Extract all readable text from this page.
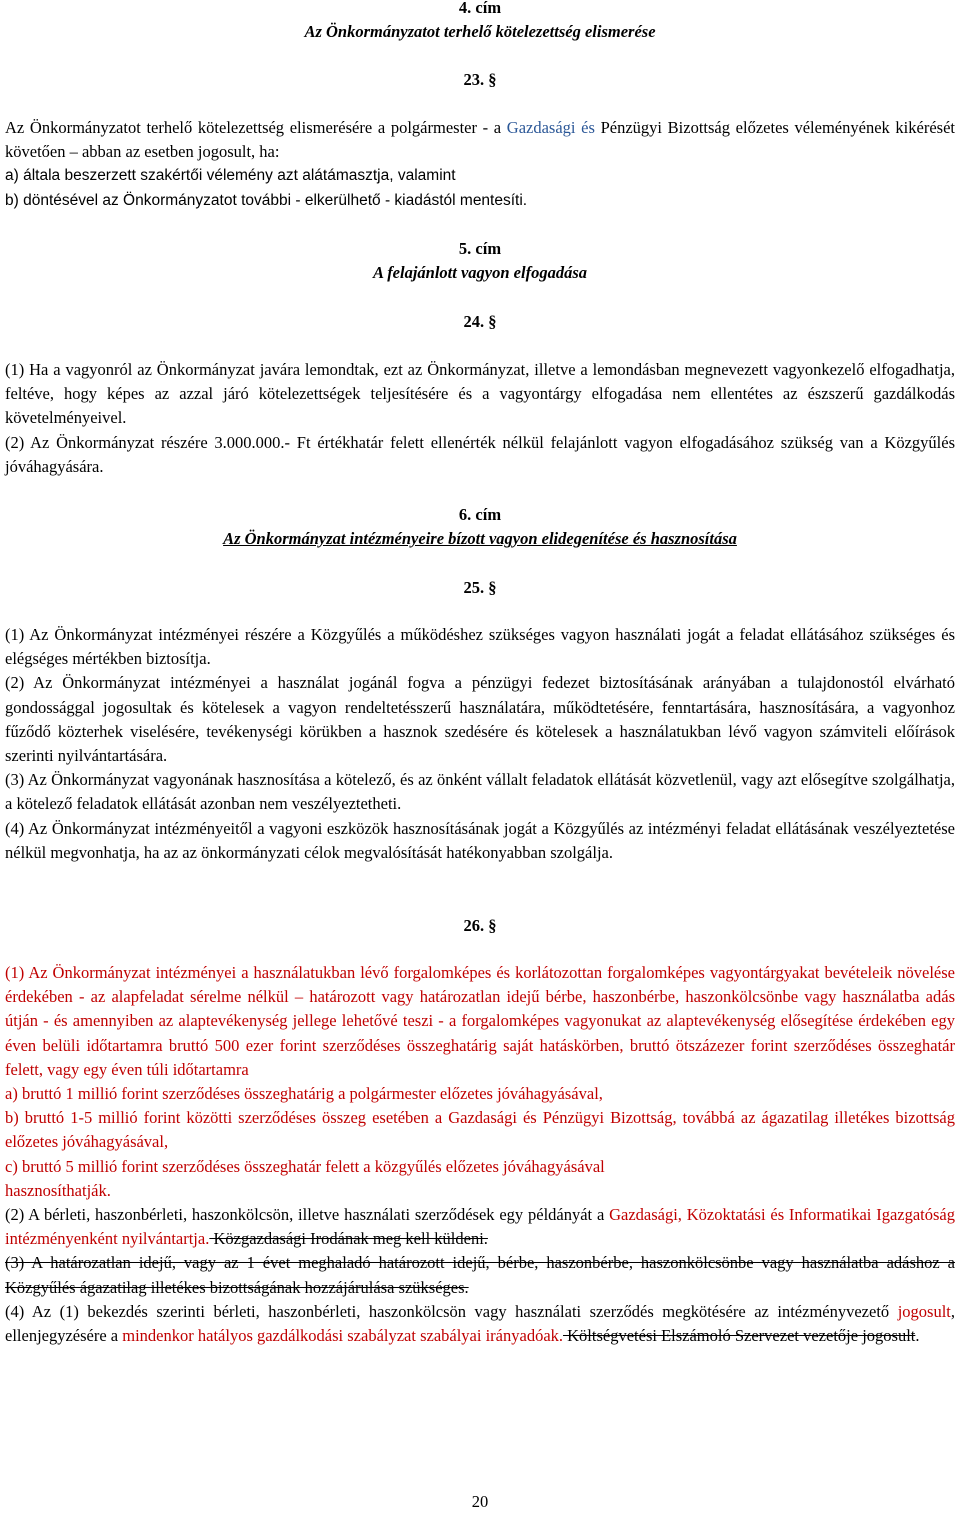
4. cím
Az Önkormányzatot terhelő kötelezettség elismerése
23. §

Az Önkormányzatot terhelő kötelezettség elismerésére a polgármester - a Gazdasági és Pénzügyi Bizottság előzetes véleményének kikérését követően – abban az esetben jogosult, ha:

a) általa beszerzett szakértői vélemény azt alátámasztja, valamint

b) döntésével az Önkormányzatot további - elkerülhető - kiadástól mentesíti.

5. cím
A felajánlott vagyon elfogadása
24. §

(1) Ha a vagyonról az Önkormányzat javára lemondtak, ezt az Önkormányzat, illetve a lemondásban megnevezett vagyonkezelő elfogadhatja, feltéve, hogy képes az azzal járó kötelezettségek teljesítésére és a vagyontárgy elfogadása nem ellentétes az észszerű gazdálkodás követelményeivel.

(2) Az Önkormányzat részére 3.000.000.- Ft értékhatár felett ellenérték nélkül felajánlott vagyon elfogadásához szükség van a Közgyűlés jóváhagyására.

6. cím
Az Önkormányzat intézményeire bízott vagyon elidegenítése és hasznosítása
25. §

(1) Az Önkormányzat intézményei részére a Közgyűlés a működéshez szükséges vagyon használati jogát a feladat ellátásához szükséges és elégséges mértékben biztosítja.

(2) Az Önkormányzat intézményei a használat jogánál fogva a pénzügyi fedezet biztosításának arányában a tulajdonostól elvárható gondossággal jogosultak és kötelesek a vagyon rendeltetésszerű használatára, működtetésére, fenntartására, hasznosítására, a vagyonhoz fűződő közterhek viselésére, tevékenységi körükben a hasznok szedésére és kötelesek a használatukban lévő vagyon számviteli előírások szerinti nyilvántartására.

(3) Az Önkormányzat vagyonának hasznosítása a kötelező, és az önként vállalt feladatok ellátását közvetlenül, vagy azt elősegítve szolgálhatja, a kötelező feladatok ellátását azonban nem veszélyeztetheti.

(4) Az Önkormányzat intézményeitől a vagyoni eszközök hasznosításának jogát a Közgyűlés az intézményi feladat ellátásának veszélyeztetése nélkül megvonhatja, ha az az önkormányzati célok megvalósítását hatékonyabban szolgálja.

26. §

(1) Az Önkormányzat intézményei a használatukban lévő forgalomképes és korlátozottan forgalomképes vagyontárgyakat bevételeik növelése érdekében - az alapfeladat sérelme nélkül – határozott vagy határozatlan idejű bérbe, haszonbérbe, haszonkölcsönbe vagy használatba adás útján - és amennyiben az alaptevékenység jellege lehetővé teszi - a forgalomképes vagyonukat az alaptevékenység elősegítése érdekében egy éven belüli időtartamra bruttó 500 ezer forint szerződéses összeghatárig saját hatáskörben, bruttó ötszázezer forint szerződéses összeghatár felett, vagy egy éven túli időtartamra

a) bruttó 1 millió forint szerződéses összeghatárig a polgármester előzetes jóváhagyásával,

b) bruttó 1-5 millió forint közötti szerződéses összeg esetében a Gazdasági és Pénzügyi Bizottság, továbbá az ágazatilag illetékes bizottság előzetes jóváhagyásával,

c) bruttó 5 millió forint szerződéses összeghatár felett a közgyűlés előzetes jóváhagyásával

hasznosíthatják.

(2) A bérleti, haszonbérleti, haszonkölcsön, illetve használati szerződések egy példányát a Gazdasági, Közoktatási és Informatikai Igazgatóság intézményenként nyilvántartja. Közgazdasági Irodának meg kell küldeni.

(3) A határozatlan idejű, vagy az 1 évet meghaladó határozott idejű, bérbe, haszonbérbe, haszonkölcsönbe vagy használatba adáshoz a Közgyűlés ágazatilag illetékes bizottságának hozzájárulása szükséges.

(4) Az (1) bekezdés szerinti bérleti, haszonbérleti, haszonkölcsön vagy használati szerződés megkötésére az intézményvezető jogosult, ellenjegyzésére a mindenkor hatályos gazdálkodási szabályzat szabályai irányadóak. Költségvetési Elszámoló Szervezet vezetője jogosult.

20
